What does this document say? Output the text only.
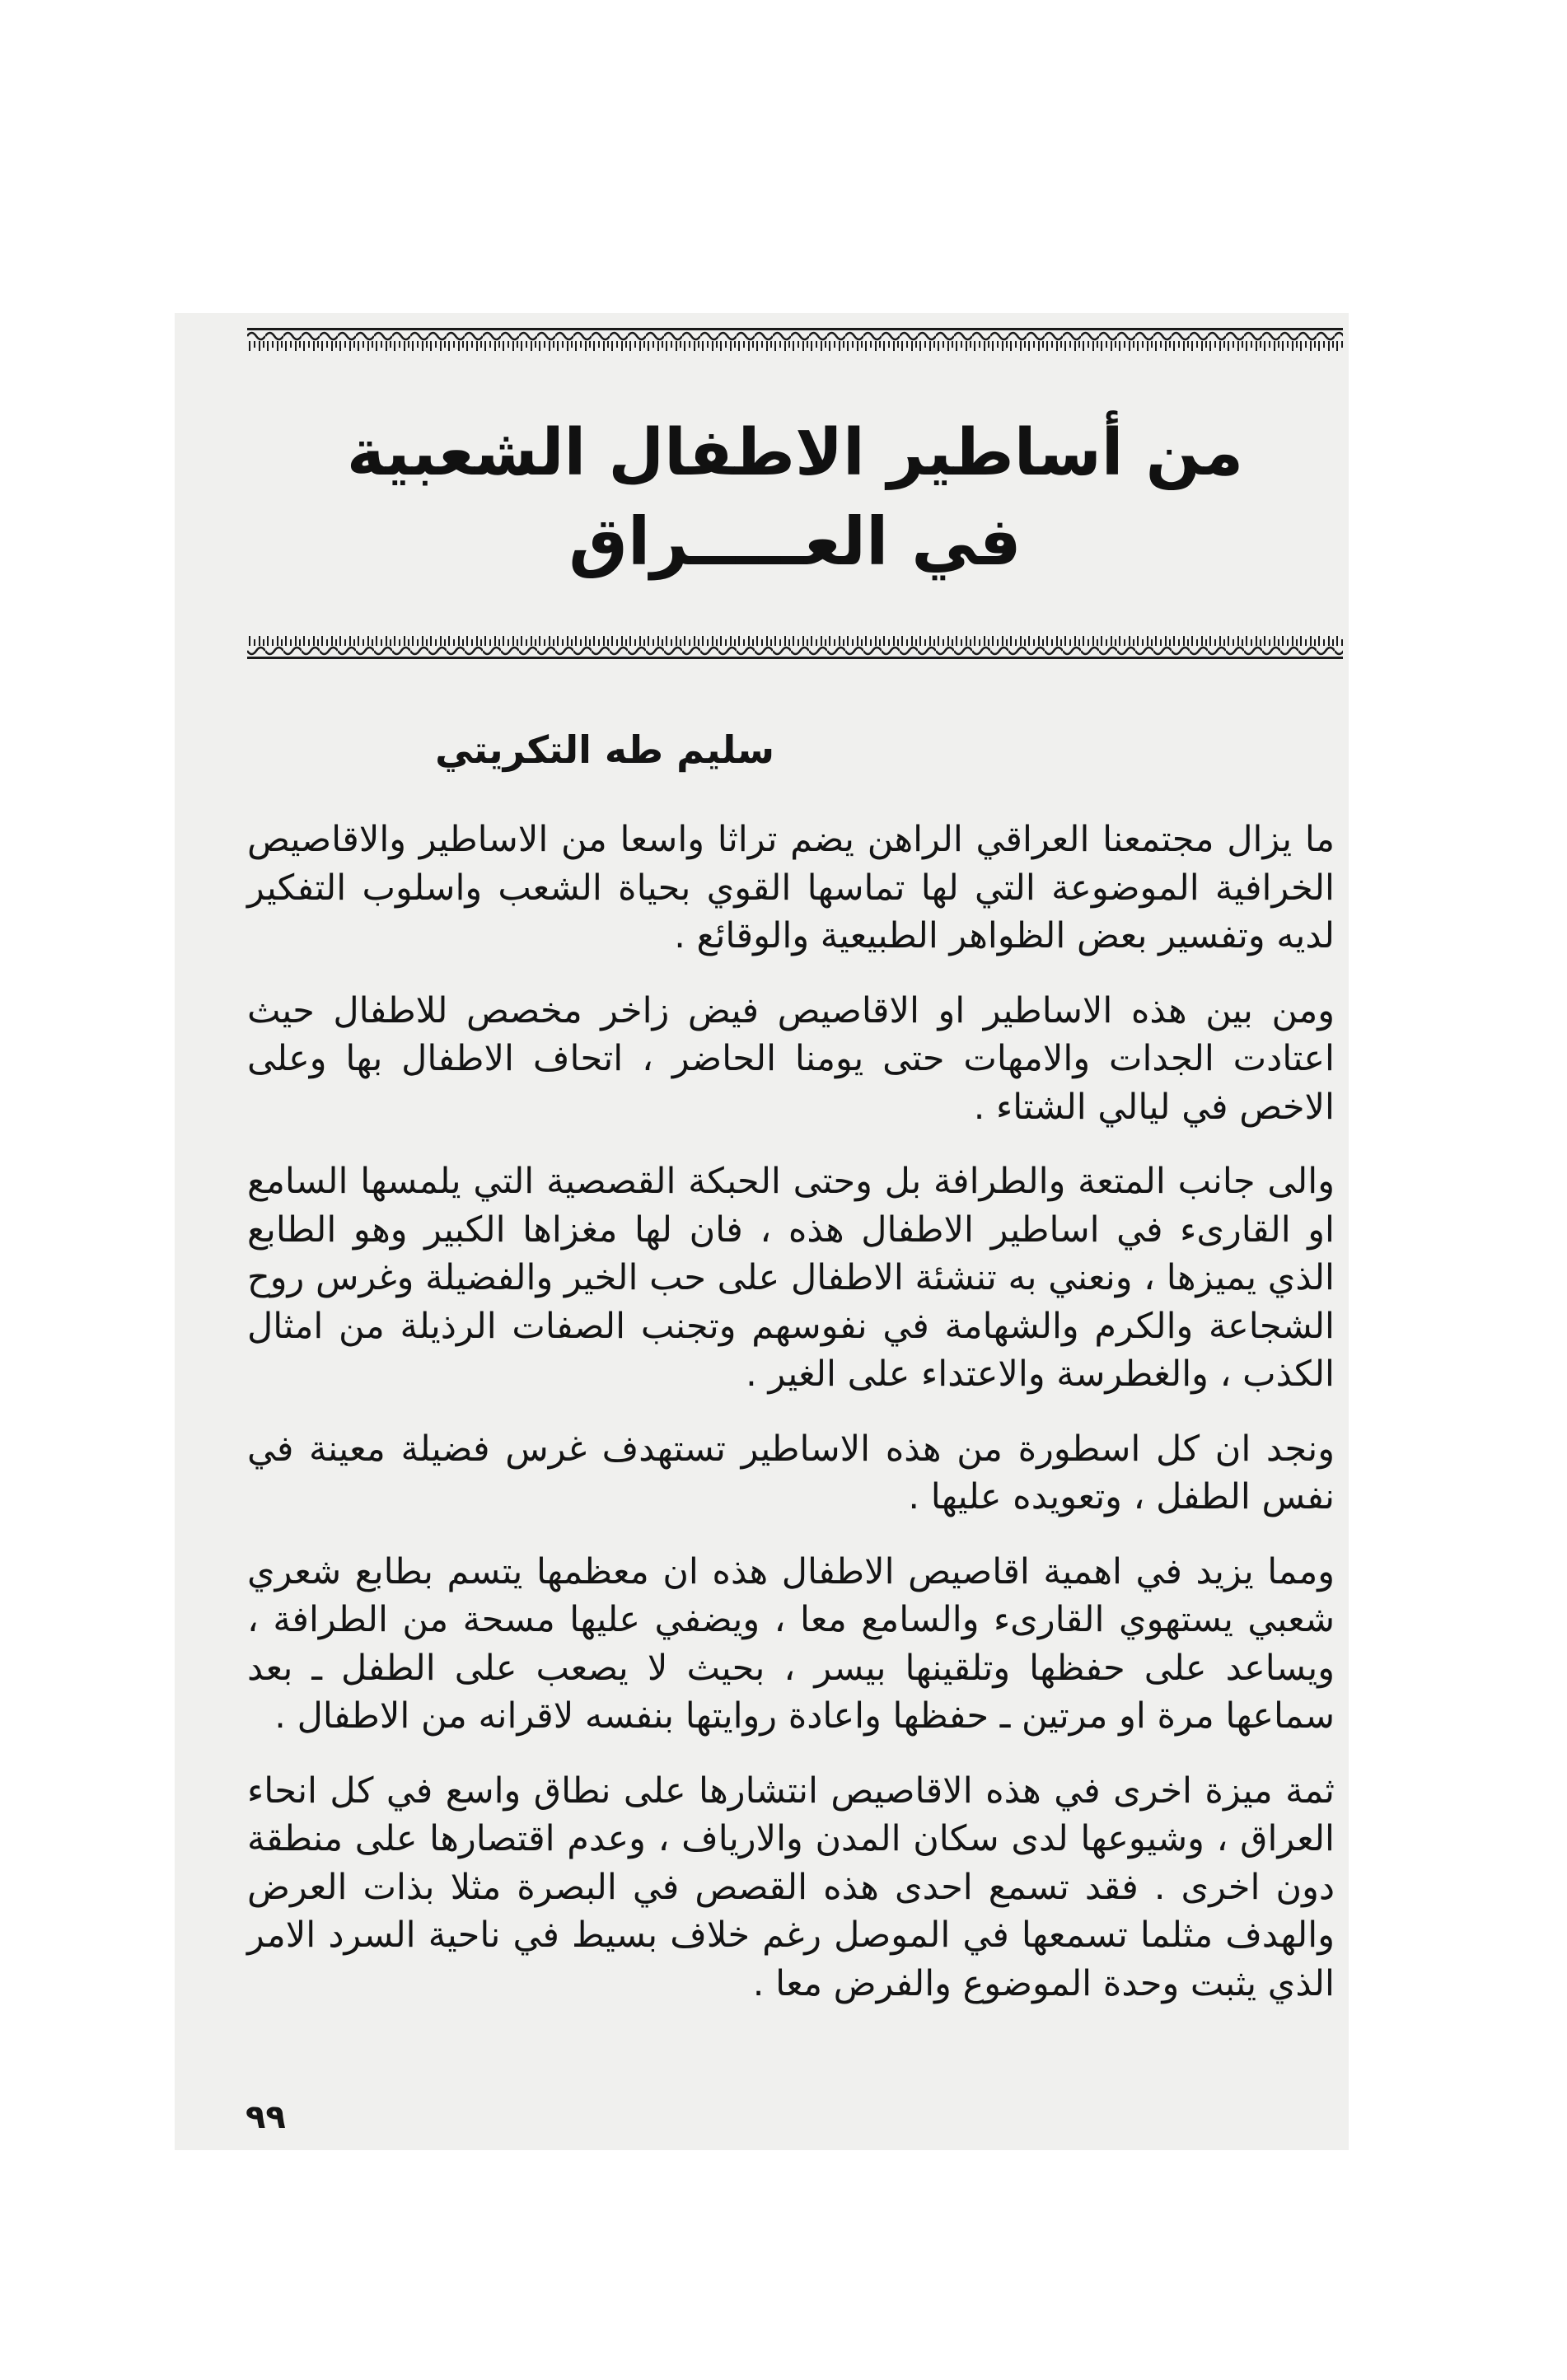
من أساطير الاطفال الشعبية
في العـــــراق
سليم طه التكريتي

ما يزال مجتمعنا العراقي الراهن يضم تراثا واسعا من الاساطير والاقاصيص الخرافية الموضوعة التي لها تماسها القوي بحياة الشعب واسلوب التفكير لديه وتفسير بعض الظواهر الطبيعية والوقائع .

ومن بين هذه الاساطير او الاقاصيص فيض زاخر مخصص للاطفال حيث اعتادت الجدات والامهات حتى يومنا الحاضر ، اتحاف الاطفال بها وعلى الاخص في ليالي الشتاء .

والى جانب المتعة والطرافة بل وحتى الحبكة القصصية التي يلمسها السامع او القارىء في اساطير الاطفال هذه ، فان لها مغزاها الكبير وهو الطابع الذي يميزها ، ونعني به تنشئة الاطفال على حب الخير والفضيلة وغرس روح الشجاعة والكرم والشهامة في نفوسهم وتجنب الصفات الرذيلة من امثال الكذب ، والغطرسة والاعتداء على الغير .

ونجد ان كل اسطورة من هذه الاساطير تستهدف غرس فضيلة معينة في نفس الطفل ، وتعويده عليها .

ومما يزيد في اهمية اقاصيص الاطفال هذه ان معظمها يتسم بطابع شعري شعبي يستهوي القارىء والسامع معا ، ويضفي عليها مسحة من الطرافة ، ويساعد على حفظها وتلقينها بيسر ، بحيث لا يصعب على الطفل ـ بعد سماعها مرة او مرتين ـ حفظها واعادة روايتها بنفسه لاقرانه من الاطفال .

ثمة ميزة اخرى في هذه الاقاصيص انتشارها على نطاق واسع في كل انحاء العراق ، وشيوعها لدى سكان المدن والارياف ، وعدم اقتصارها على منطقة دون اخرى . فقد تسمع احدى هذه القصص في البصرة مثلا بذات العرض والهدف مثلما تسمعها في الموصل رغم خلاف بسيط في ناحية السرد الامر الذي يثبت وحدة الموضوع والفرض معا .

٩٩
